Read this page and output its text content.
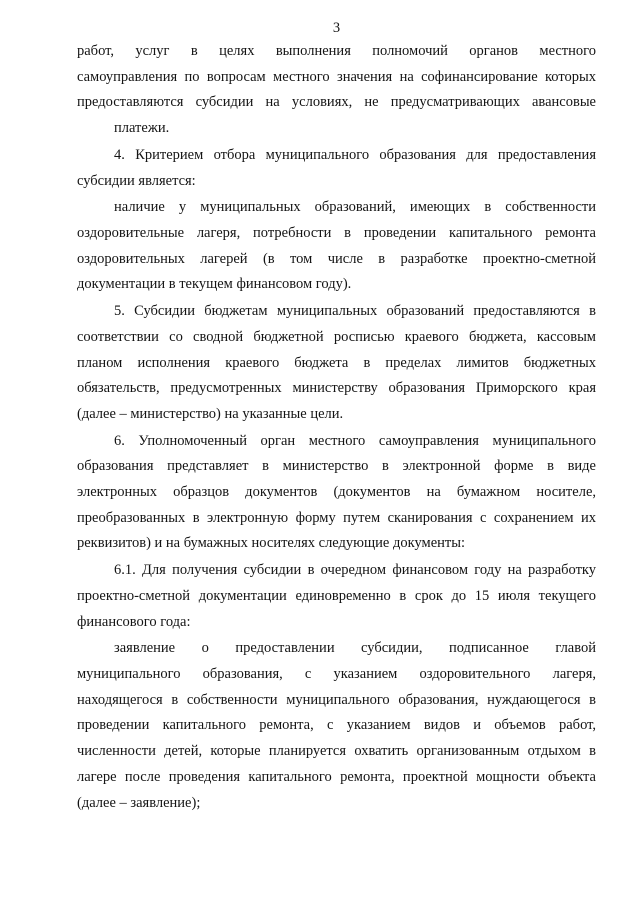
3
работ, услуг в целях выполнения полномочий органов местного
самоуправления по вопросам местного значения на софинансирование которых
предоставляются субсидии на условиях, не предусматривающих авансовые
платежи.
4. Критерием отбора муниципального образования для предоставления
субсидии является:
наличие у муниципальных образований, имеющих в собственности
оздоровительные лагеря, потребности в проведении капитального ремонта
оздоровительных лагерей (в том числе в разработке проектно-сметной
документации в текущем финансовом году).
5. Субсидии бюджетам муниципальных образований предоставляются в
соответствии со сводной бюджетной росписью краевого бюджета, кассовым
планом исполнения краевого бюджета в пределах лимитов бюджетных
обязательств, предусмотренных министерству образования Приморского края
(далее – министерство) на указанные цели.
6. Уполномоченный орган местного самоуправления муниципального
образования представляет в министерство в электронной форме в виде
электронных образцов документов (документов на бумажном носителе,
преобразованных в электронную форму путем сканирования с сохранением их
реквизитов) и на бумажных носителях следующие документы:
6.1. Для получения субсидии в очередном финансовом году на разработку
проектно-сметной документации единовременно в срок до 15 июля текущего
финансового года:
заявление о предоставлении субсидии, подписанное главой
муниципального образования, с указанием оздоровительного лагеря,
находящегося в собственности муниципального образования, нуждающегося в
проведении капитального ремонта, с указанием видов и объемов работ,
численности детей, которые планируется охватить организованным отдыхом в
лагере после проведения капитального ремонта, проектной мощности объекта
(далее – заявление);
